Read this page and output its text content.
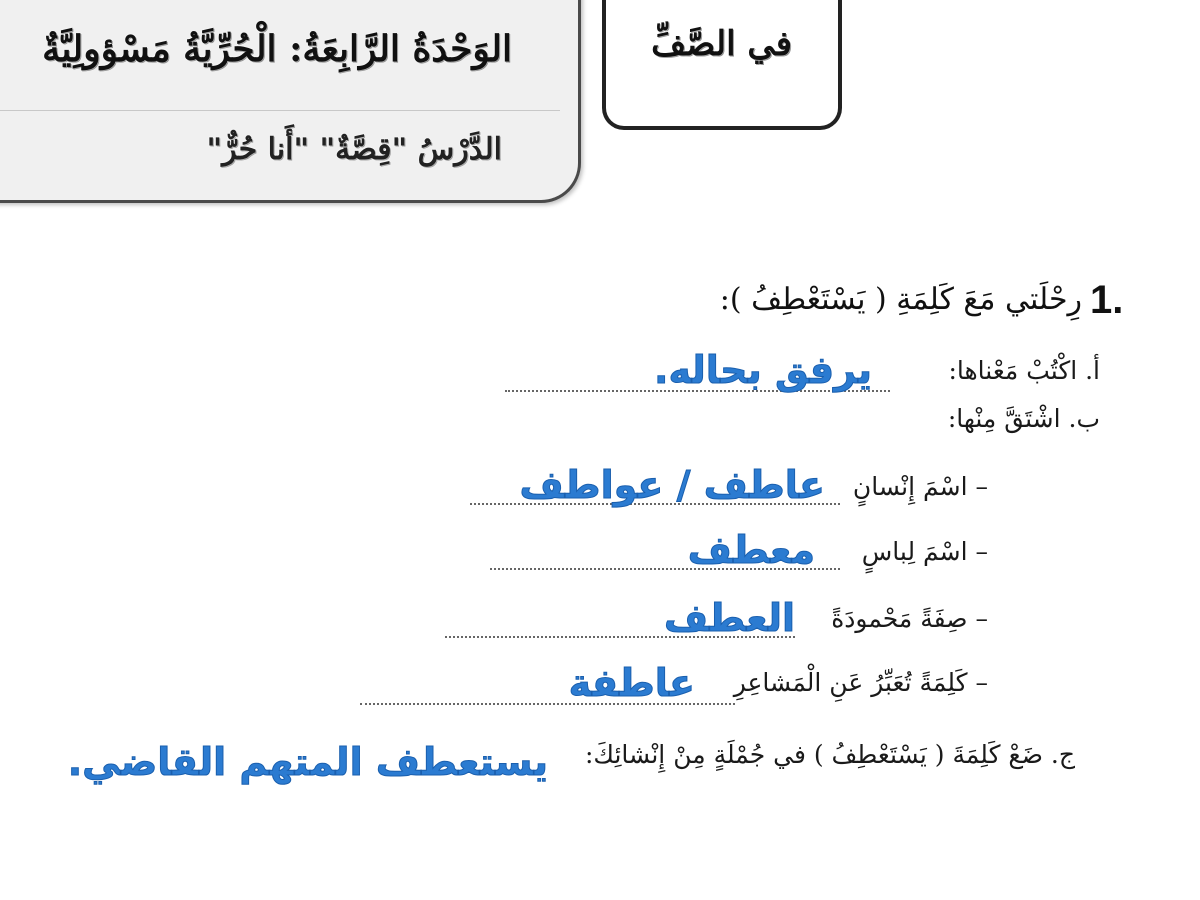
الوَحْدَةُ الرَّابِعَةُ: الْحُرِّيَّةُ مَسْؤولِيَّةٌ
الدَّرْسُ "قِصَّةٌ" "أَنا حُرٌّ"
في الصَّفِّ
1.
رِحْلَتي مَعَ كَلِمَةِ ( يَسْتَعْطِفُ ):
أ. اكْتُبْ مَعْناها:
يرفق بحاله.
ب. اشْتَقَّ مِنْها:
– اسْمَ إِنْسانٍ
عاطف / عواطف
– اسْمَ لِباسٍ
معطف
– صِفَةً مَحْمودَةً
العطف
– كَلِمَةً تُعَبِّرُ عَنِ الْمَشاعِرِ
عاطفة
ج. ضَعْ كَلِمَةَ ( يَسْتَعْطِفُ ) في جُمْلَةٍ مِنْ إِنْشائِكَ:
يستعطف المتهم القاضي.
